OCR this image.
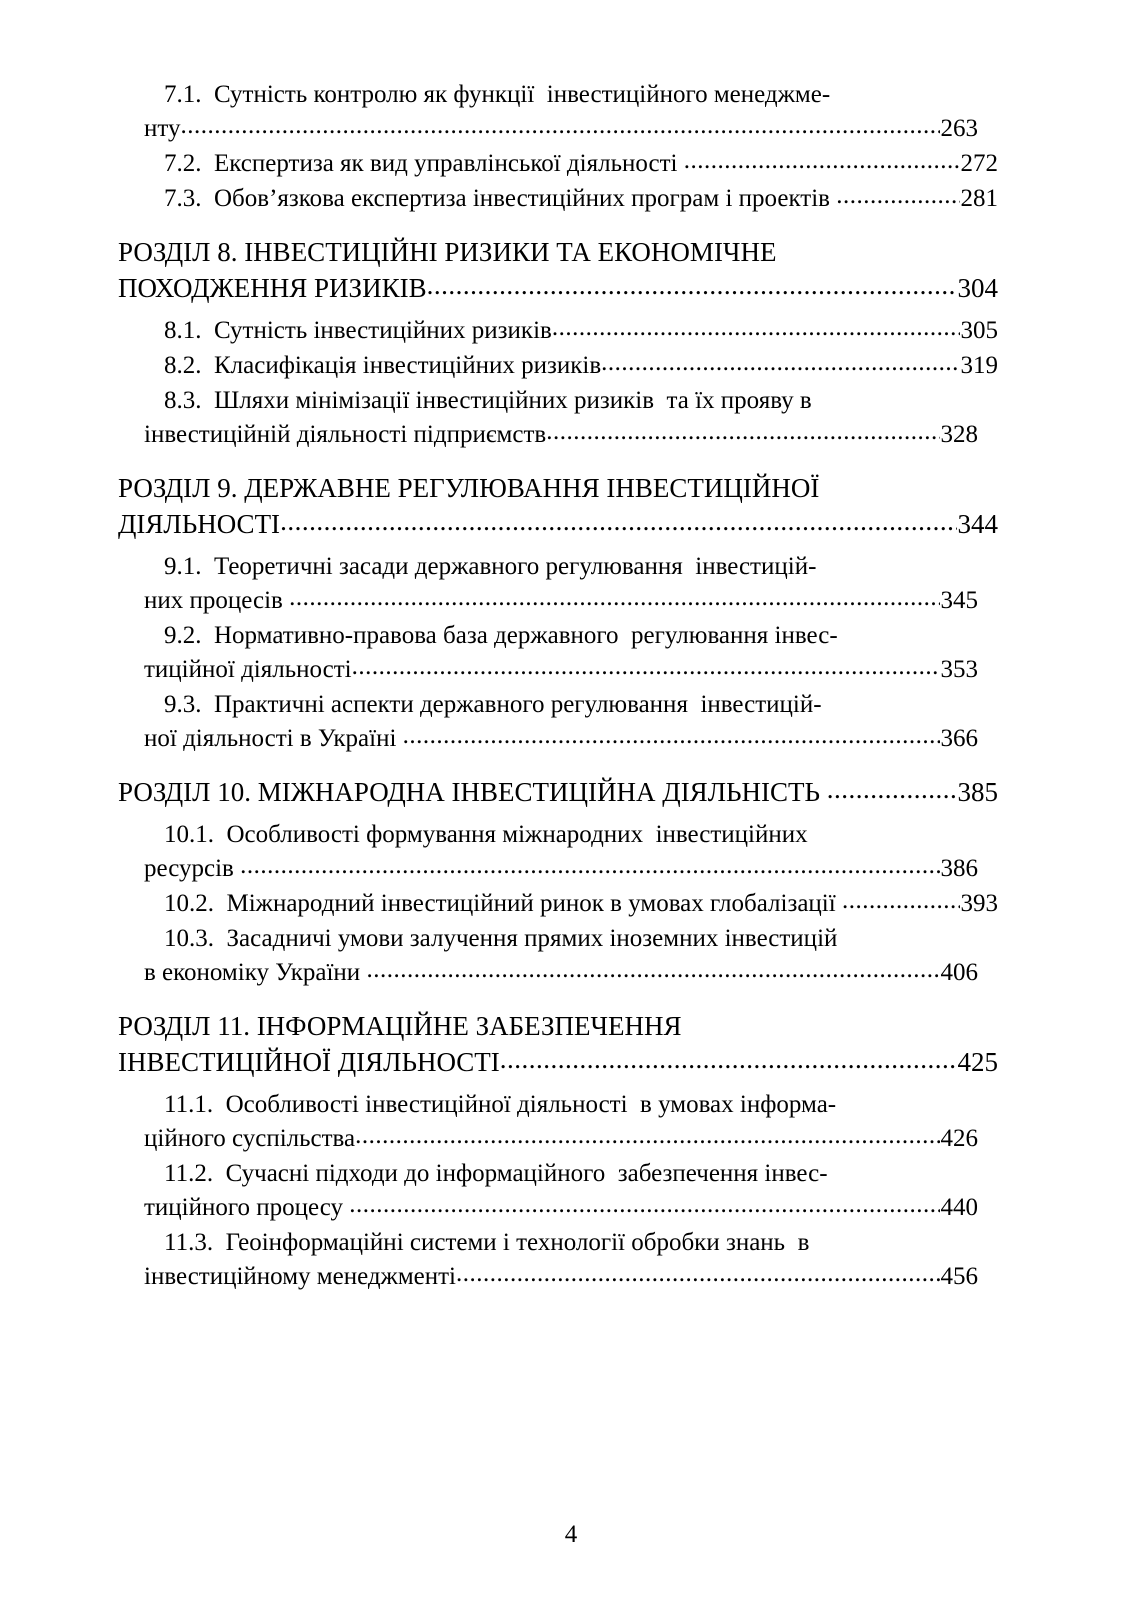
7.1.  Сутність контролю як функції  інвестиційного менеджме-
нту .....	263
7.2.  Експертиза як вид управлінської діяльності .....	272
7.3.  Обов’язкова експертиза інвестиційних програм і проектів .....	281
РОЗДІЛ 8. ІНВЕСТИЦІЙНІ РИЗИКИ ТА ЕКОНОМІЧНЕ
ПОХОДЖЕННЯ РИЗИКІВ .....	304
8.1.  Сутність інвестиційних ризиків .....	305
8.2.  Класифікація інвестиційних ризиків .....	319
8.3.  Шляхи мінімізації інвестиційних ризиків  та їх прояву в
інвестиційній діяльності підприємств .....	328
РОЗДІЛ 9. ДЕРЖАВНЕ РЕГУЛЮВАННЯ ІНВЕСТИЦІЙНОЇ
ДІЯЛЬНОСТІ .....	344
9.1.  Теоретичні засади державного регулювання  інвестицій-
них процесів .....	345
9.2.  Нормативно-правова база державного  регулювання інвес-
тиційної діяльності .....	353
9.3.  Практичні аспекти державного регулювання  інвестицій-
ної діяльності в Україні .....	366
РОЗДІЛ 10. МІЖНАРОДНА ІНВЕСТИЦІЙНА ДІЯЛЬНІСТЬ .....	385
10.1.  Особливості формування міжнародних  інвестиційних
ресурсів .....	386
10.2.  Міжнародний інвестиційний ринок в умовах глобалізації .....	393
10.3.  Засадничі умови залучення прямих іноземних інвестицій
в економіку України .....	406
РОЗДІЛ 11. ІНФОРМАЦІЙНЕ ЗАБЕЗПЕЧЕННЯ
ІНВЕСТИЦІЙНОЇ ДІЯЛЬНОСТІ .....	425
11.1.  Особливості інвестиційної діяльності  в умовах інформа-
ційного суспільства .....	426
11.2.  Сучасні підходи до інформаційного  забезпечення інвес-
тиційного процесу .....	440
11.3.  Геоінформаційні системи і технології обробки знань  в
інвестиційному менеджменті .....	456
4
